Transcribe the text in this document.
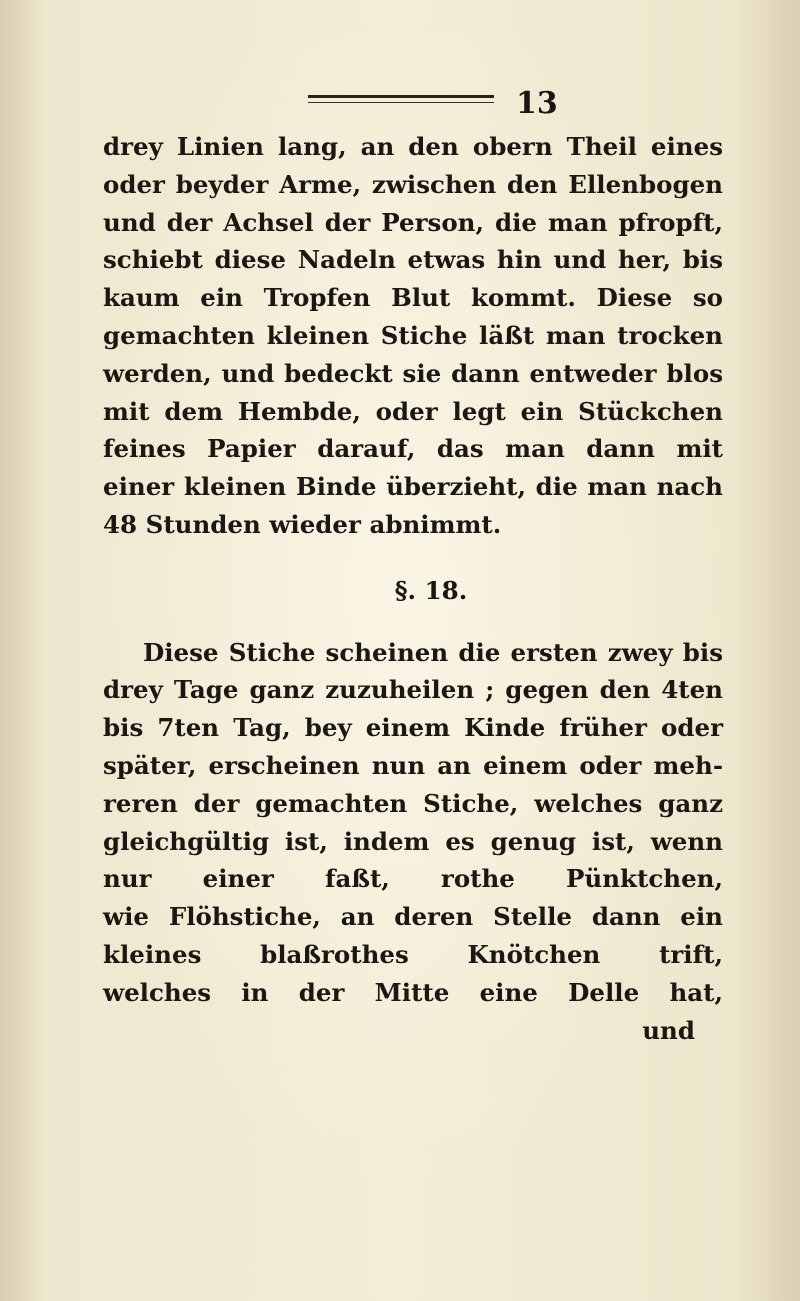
13
drey Linien lang, an den obern Theil eines
oder beyder Arme, zwischen den Ellenbogen
und der Achsel der Person, die man pfropft,
schiebt diese Nadeln etwas hin und her, bis
kaum ein Tropfen Blut kommt. Diese so
gemachten kleinen Stiche läßt man trocken
werden, und bedeckt sie dann entweder blos
mit dem Hembde, oder legt ein Stückchen
feines Papier darauf, das man dann mit
einer kleinen Binde überzieht, die man nach
48 Stunden wieder abnimmt.
§. 18.
Diese Stiche scheinen die ersten zwey bis
drey Tage ganz zuzuheilen ; gegen den 4ten
bis 7ten Tag, bey einem Kinde früher oder
später, erscheinen nun an einem oder meh-
reren der gemachten Stiche, welches ganz
gleichgültig ist, indem es genug ist, wenn
nur einer faßt, rothe Pünktchen,
wie Flöhstiche, an deren Stelle dann ein
kleines blaßrothes Knötchen trift,
welches in der Mitte eine Delle hat,
und
